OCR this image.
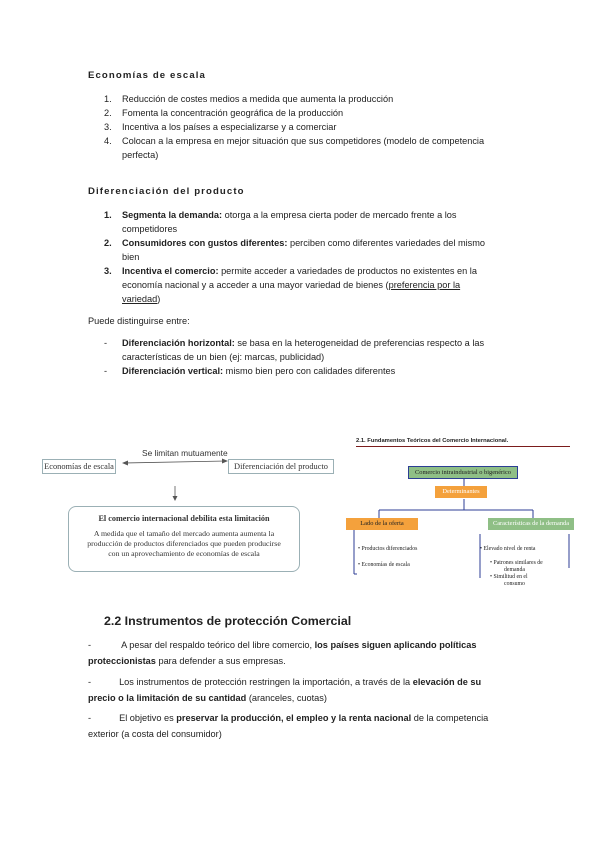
Economías de escala
1. Reducción de costes medios a medida que aumenta la producción
2. Fomenta la concentración geográfica de la producción
3. Incentiva a los países a especializarse y a comerciar
4. Colocan a la empresa en mejor situación que sus competidores (modelo de competencia
perfecta)
Diferenciación del producto
1. Segmenta la demanda: otorga a la empresa cierta poder de mercado frente a los
competidores
2. Consumidores con gustos diferentes: perciben como diferentes variedades del mismo
bien
3. Incentiva el comercio: permite acceder a variedades de productos no existentes en la
economía nacional y a acceder a una mayor variedad de bienes (preferencia por la
variedad)
Puede distinguirse entre:
-	Diferenciación horizontal: se basa en la heterogeneidad de preferencias respecto a las
características de un bien (ej: marcas, publicidad)
-	Diferenciación vertical: mismo bien pero con calidades diferentes
Se limitan mutuamente
Economías de escala	Diferenciación del producto
El comercio internacional debilita esta limitación
A medida que el tamaño del mercado aumenta aumenta la
producción de productos diferenciados que pueden producirse
con un aprovechamiento de economías de escala
2.1. Fundamentos Teóricos del Comercio Internacional.
Comercio intraindustrial o bigenérico
Determinantes
Lado de la oferta	Características de la demanda
• Productos diferenciados
• Economías de escala
• Elevado nivel de renta
• Patrones similares de
demanda
• Similitud en el
consumo
2.2 Instrumentos de protección Comercial
-	A pesar del respaldo teórico del libre comercio, los países siguen aplicando políticas
proteccionistas para defender a sus empresas.
-	Los instrumentos de protección restringen la importación, a través de la elevación de su
precio o la limitación de su cantidad (aranceles, cuotas)
-	El objetivo es preservar la producción, el empleo y la renta nacional de la competencia
exterior (a costa del consumidor)
